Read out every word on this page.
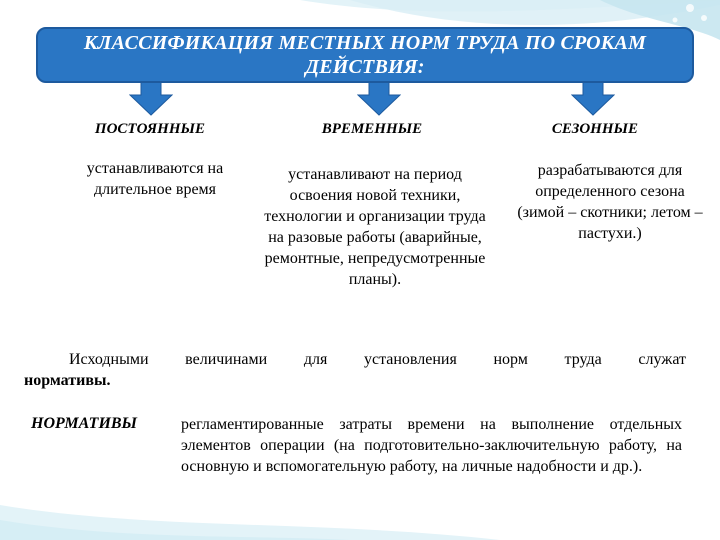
КЛАССИФИКАЦИЯ МЕСТНЫХ НОРМ ТРУДА ПО СРОКАМ ДЕЙСТВИЯ:
ПОСТОЯННЫЕ	ВРЕМЕННЫЕ	СЕЗОННЫЕ
устанавливаются на длительное время
устанавливают на период освоения новой техники, технологии и организации труда на разовые работы (аварийные, ремонтные, непредусмотренные планы).
разрабатываются для определенного сезона (зимой – скотники; летом – пастухи.)
Исходными величинами для установления норм труда служат
нормативы.
НОРМАТИВЫ	регламентированные затраты времени на выполнение отдельных элементов операции (на подготовительно-заключительную работу, на основную и вспомогательную работу, на личные надобности и др.).
